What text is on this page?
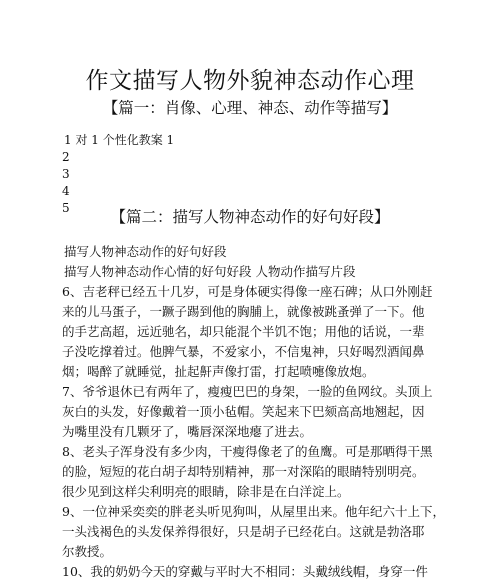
作文描写人物外貌神态动作心理
【篇一：肖像、心理、神态、动作等描写】
1 对 1 个性化教案 1
2
3
4
5	【篇二：描写人物神态动作的好句好段】
描写人物神态动作的好句好段
描写人物神态动作心情的好句好段 人物动作描写片段
6、吉老秤已经五十几岁，可是身体硬实得像一座石碑；从口外刚赶
来的儿马蛋子，一蹶子踢到他的胸脯上，就像被跳蚤弹了一下。他
的手艺高超，远近驰名，却只能混个半饥不饱；用他的话说，一辈
子没吃撑着过。他脾气暴，不爱家小，不信鬼神，只好喝烈酒闻鼻
烟；喝醉了就睡觉，扯起鼾声像打雷，打起喷嚏像放炮。
7、爷爷退休已有两年了，瘦瘦巴巴的身架，一脸的鱼网纹。头顶上
灰白的头发，好像戴着一顶小毡帽。笑起来下巴颏高高地翘起，因
为嘴里没有几颗牙了，嘴唇深深地瘪了进去。
8、老头子浑身没有多少肉，干瘦得像老了的鱼鹰。可是那晒得干黑
的脸，短短的花白胡子却特别精神，那一对深陷的眼睛特别明亮。
很少见到这样尖利明亮的眼睛，除非是在白洋淀上。
9、一位神采奕奕的胖老头听见狗叫，从屋里出来。他年纪六十上下，
一头浅褐色的头发保养得很好，只是胡子已经花白。这就是勃洛耶
尔教授。
10、我的奶奶今天的穿戴与平时大不相同：头戴绒线帽，身穿一件
